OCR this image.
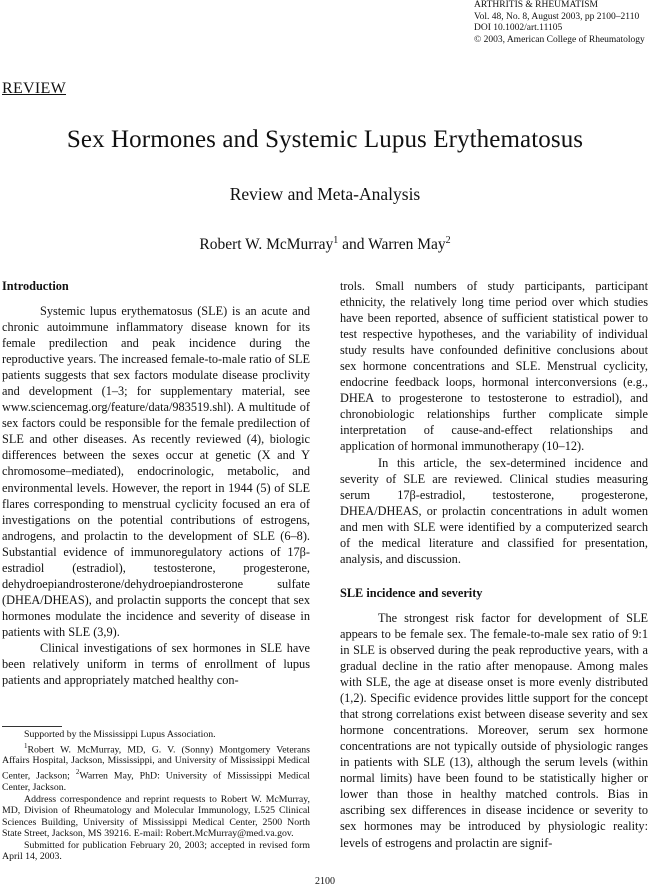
ARTHRITIS & RHEUMATISM
Vol. 48, No. 8, August 2003, pp 2100–2110
DOI 10.1002/art.11105
© 2003, American College of Rheumatology
REVIEW
Sex Hormones and Systemic Lupus Erythematosus
Review and Meta-Analysis
Robert W. McMurray$^1$ and Warren May$^2$
Introduction

Systemic lupus erythematosus (SLE) is an acute and chronic autoimmune inflammatory disease known for its female predilection and peak incidence during the reproductive years. The increased female-to-male ratio of SLE patients suggests that sex factors modulate disease proclivity and development (1–3; for supplementary material, see www.sciencemag.org/feature/data/983519.shl). A multitude of sex factors could be responsible for the female predilection of SLE and other diseases. As recently reviewed (4), biologic differences between the sexes occur at genetic (X and Y chromosome–mediated), endocrinologic, metabolic, and environmental levels. However, the report in 1944 (5) of SLE flares corresponding to menstrual cyclicity focused an era of investigations on the potential contributions of estrogens, androgens, and prolactin to the development of SLE (6–8). Substantial evidence of immunoregulatory actions of 17β-estradiol (estradiol), testosterone, progesterone, dehydroepiandrosterone/dehydroepiandrosterone sulfate (DHEA/DHEAS), and prolactin supports the concept that sex hormones modulate the incidence and severity of disease in patients with SLE (3,9).

Clinical investigations of sex hormones in SLE have been relatively uniform in terms of enrollment of lupus patients and appropriately matched healthy con-

Supported by the Mississippi Lupus Association.

$^1$Robert W. McMurray, MD, G. V. (Sonny) Montgomery Veterans Affairs Hospital, Jackson, Mississippi, and University of Mississippi Medical Center, Jackson; $^2$Warren May, PhD: University of Mississippi Medical Center, Jackson.

Address correspondence and reprint requests to Robert W. McMurray, MD, Division of Rheumatology and Molecular Immunology, L525 Clinical Sciences Building, University of Mississippi Medical Center, 2500 North State Street, Jackson, MS 39216. E-mail: Robert.McMurray@med.va.gov.

Submitted for publication February 20, 2003; accepted in revised form April 14, 2003.

trols. Small numbers of study participants, participant ethnicity, the relatively long time period over which studies have been reported, absence of sufficient statistical power to test respective hypotheses, and the variability of individual study results have confounded definitive conclusions about sex hormone concentrations and SLE. Menstrual cyclicity, endocrine feedback loops, hormonal interconversions (e.g., DHEA to progesterone to testosterone to estradiol), and chronobiologic relationships further complicate simple interpretation of cause-and-effect relationships and application of hormonal immunotherapy (10–12).

In this article, the sex-determined incidence and severity of SLE are reviewed. Clinical studies measuring serum 17β-estradiol, testosterone, progesterone, DHEA/DHEAS, or prolactin concentrations in adult women and men with SLE were identified by a computerized search of the medical literature and classified for presentation, analysis, and discussion.

SLE incidence and severity

The strongest risk factor for development of SLE appears to be female sex. The female-to-male sex ratio of 9:1 in SLE is observed during the peak reproductive years, with a gradual decline in the ratio after menopause. Among males with SLE, the age at disease onset is more evenly distributed (1,2). Specific evidence provides little support for the concept that strong correlations exist between disease severity and sex hormone concentrations. Moreover, serum sex hormone concentrations are not typically outside of physiologic ranges in patients with SLE (13), although the serum levels (within normal limits) have been found to be statistically higher or lower than those in healthy matched controls. Bias in ascribing sex differences in disease incidence or severity to sex hormones may be introduced by physiologic reality: levels of estrogens and prolactin are signif-

2100
